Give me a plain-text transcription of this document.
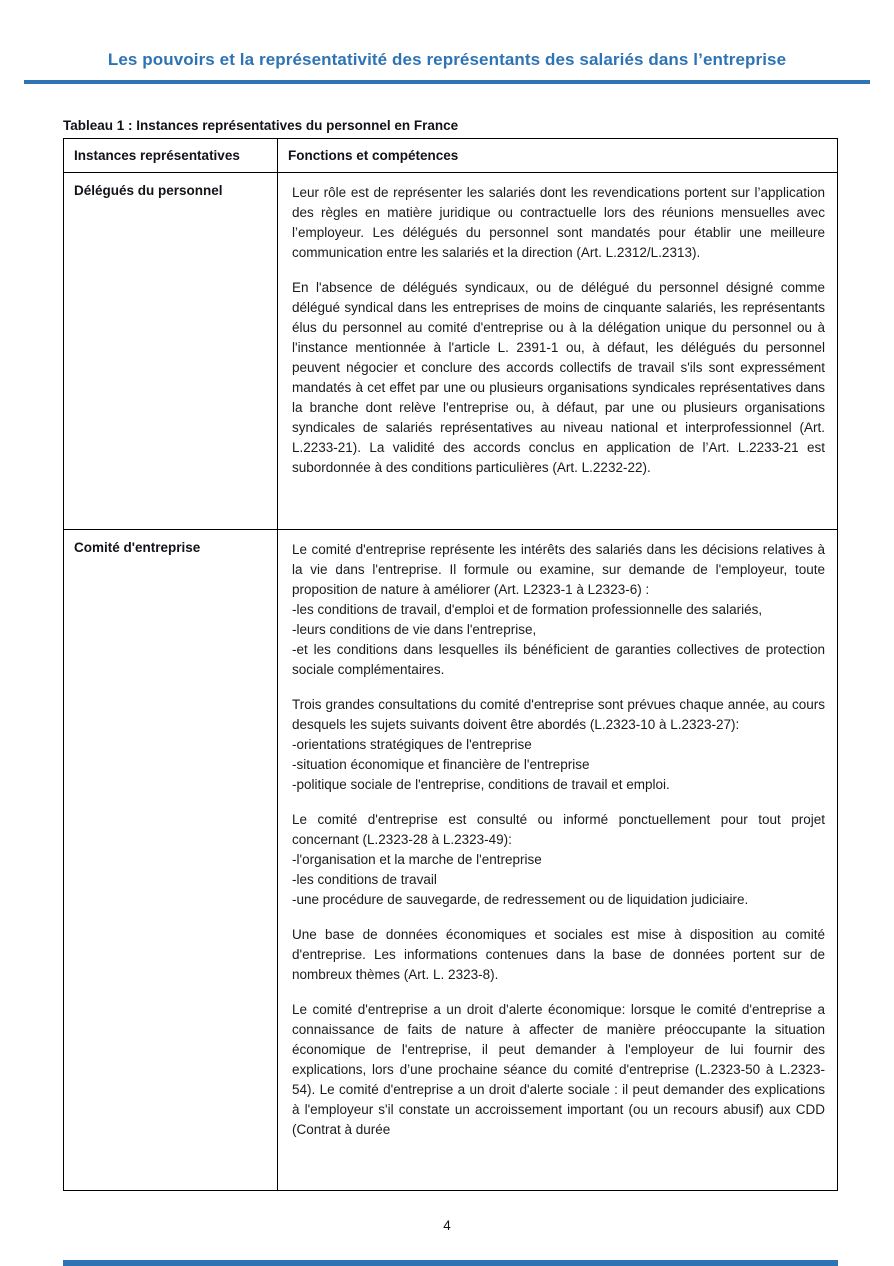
Les pouvoirs et la représentativité des représentants des salariés dans l’entreprise
Tableau 1 : Instances représentatives du personnel en France
Instances représentatives	Fonctions et compétences

Délégués du personnel	Leur rôle est de représenter les salariés dont les revendications portent sur l’application des règles en matière juridique ou contractuelle lors des réunions mensuelles avec l’employeur. Les délégués du personnel sont mandatés pour établir une meilleure communication entre les salariés et la direction (Art. L.2312/L.2313).
En l'absence de délégués syndicaux, ou de délégué du personnel désigné comme délégué syndical dans les entreprises de moins de cinquante salariés, les représentants élus du personnel au comité d'entreprise ou à la délégation unique du personnel ou à l'instance mentionnée à l'article L. 2391-1 ou, à défaut, les délégués du personnel peuvent négocier et conclure des accords collectifs de travail s'ils sont expressément mandatés à cet effet par une ou plusieurs organisations syndicales représentatives dans la branche dont relève l'entreprise ou, à défaut, par une ou plusieurs organisations syndicales de salariés représentatives au niveau national et interprofessionnel (Art. L.2233-21). La validité des accords conclus en application de l’Art. L.2233-21 est subordonnée à des conditions particulières (Art. L.2232-22).

Comité d'entreprise	Le comité d'entreprise représente les intérêts des salariés dans les décisions relatives à la vie dans l'entreprise. Il formule ou examine, sur demande de l'employeur, toute proposition de nature à améliorer (Art. L2323-1 à L2323-6) :
-les conditions de travail, d'emploi et de formation professionnelle des salariés,
-leurs conditions de vie dans l'entreprise,
-et les conditions dans lesquelles ils bénéficient de garanties collectives de protection sociale complémentaires.
Trois grandes consultations du comité d'entreprise sont prévues chaque année, au cours desquels les sujets suivants doivent être abordés (L.2323-10 à L.2323-27):
-orientations stratégiques de l'entreprise
-situation économique et financière de l'entreprise
-politique sociale de l'entreprise, conditions de travail et emploi.
Le comité d'entreprise est consulté ou informé ponctuellement pour tout projet concernant (L.2323-28 à L.2323-49):
-l'organisation et la marche de l'entreprise
-les conditions de travail
-une procédure de sauvegarde, de redressement ou de liquidation judiciaire.
Une base de données économiques et sociales est mise à disposition au comité d'entreprise. Les informations contenues dans la base de données portent sur de nombreux thèmes (Art. L. 2323-8).
Le comité d'entreprise a un droit d'alerte économique: lorsque le comité d'entreprise a connaissance de faits de nature à affecter de manière préoccupante la situation économique de l'entreprise, il peut demander à l'employeur de lui fournir des explications, lors d’une prochaine séance du comité d'entreprise (L.2323-50 à L.2323-54). Le comité d'entreprise a un droit d'alerte sociale : il peut demander des explications à l'employeur s'il constate un accroissement important (ou un recours abusif) aux CDD (Contrat à durée
4
